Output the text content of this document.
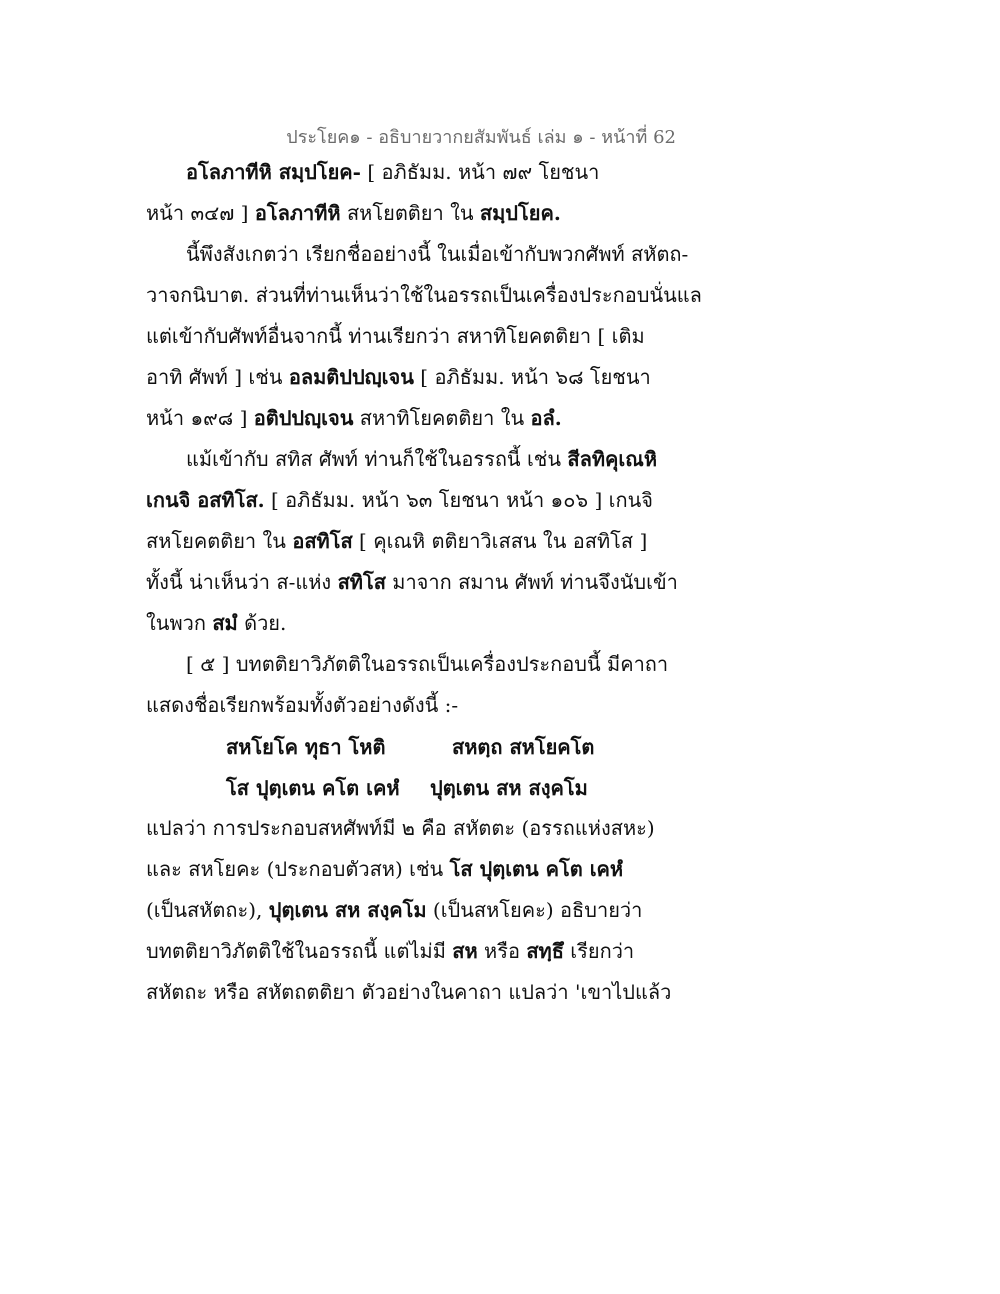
ประโยค๑ - อธิบายวากยสัมพันธ์ เล่ม ๑ - หน้าที่ 62
อโลภาทีหิ สมฺปโยค- [ อภิธัมม. หน้า ๗๙ โยชนา
หน้า ๓๔๗ ] อโลภาทีหิ สหโยตติยา ใน สมฺปโยค.
นี้พึงสังเกตว่า เรียกชื่ออย่างนี้ ในเมื่อเข้ากับพวกศัพท์ สหัตถ-
วาจกนิบาต. ส่วนที่ท่านเห็นว่าใช้ในอรรถเป็นเครื่องประกอบนั่นแล
แต่เข้ากับศัพท์อื่นจากนี้ ท่านเรียกว่า สหาทิโยคตติยา [ เติม
อาทิ ศัพท์ ] เช่น อลมติปปญฺเจน [ อภิธัมม. หน้า ๖๘ โยชนา
หน้า ๑๙๘ ] อติปปญฺเจน สหาทิโยคตติยา ใน อลํ.
แม้เข้ากับ สทิส ศัพท์ ท่านก็ใช้ในอรรถนี้ เช่น สีลทิคุเณหิ
เกนจิ อสทิโส. [ อภิธัมม. หน้า ๖๓ โยชนา หน้า ๑๐๖ ] เกนจิ
สหโยคตติยา ใน อสทิโส [ คุเณหิ ตติยาวิเสสน ใน อสทิโส ]
ทั้งนี้ น่าเห็นว่า ส-แห่ง สทิโส มาจาก สมาน ศัพท์ ท่านจึงนับเข้า
ในพวก สมํ ด้วย.
[ ๕ ] บทตติยาวิภัตติในอรรถเป็นเครื่องประกอบนี้ มีคาถา
แสดงชื่อเรียกพร้อมทั้งตัวอย่างดังนี้ :-
สหโยโค ทุธา โหติ	สหตฺถ สหโยคโต
โส ปุตฺเตน คโต เคหํ ปุตฺเตน สห สงฺคโม
แปลว่า การประกอบสหศัพท์มี ๒ คือ สหัตตะ (อรรถแห่งสหะ)
และ สหโยคะ (ประกอบตัวสห) เช่น โส ปุตฺเตน คโต เคหํ
(เป็นสหัตถะ), ปุตฺเตน สห สงฺคโม (เป็นสหโยคะ) อธิบายว่า
บทตติยาวิภัตติใช้ในอรรถนี้ แต่ไม่มี สห หรือ สทฺธึ เรียกว่า
สหัตถะ หรือ สหัตถตติยา ตัวอย่างในคาถา แปลว่า 'เขาไปแล้ว
